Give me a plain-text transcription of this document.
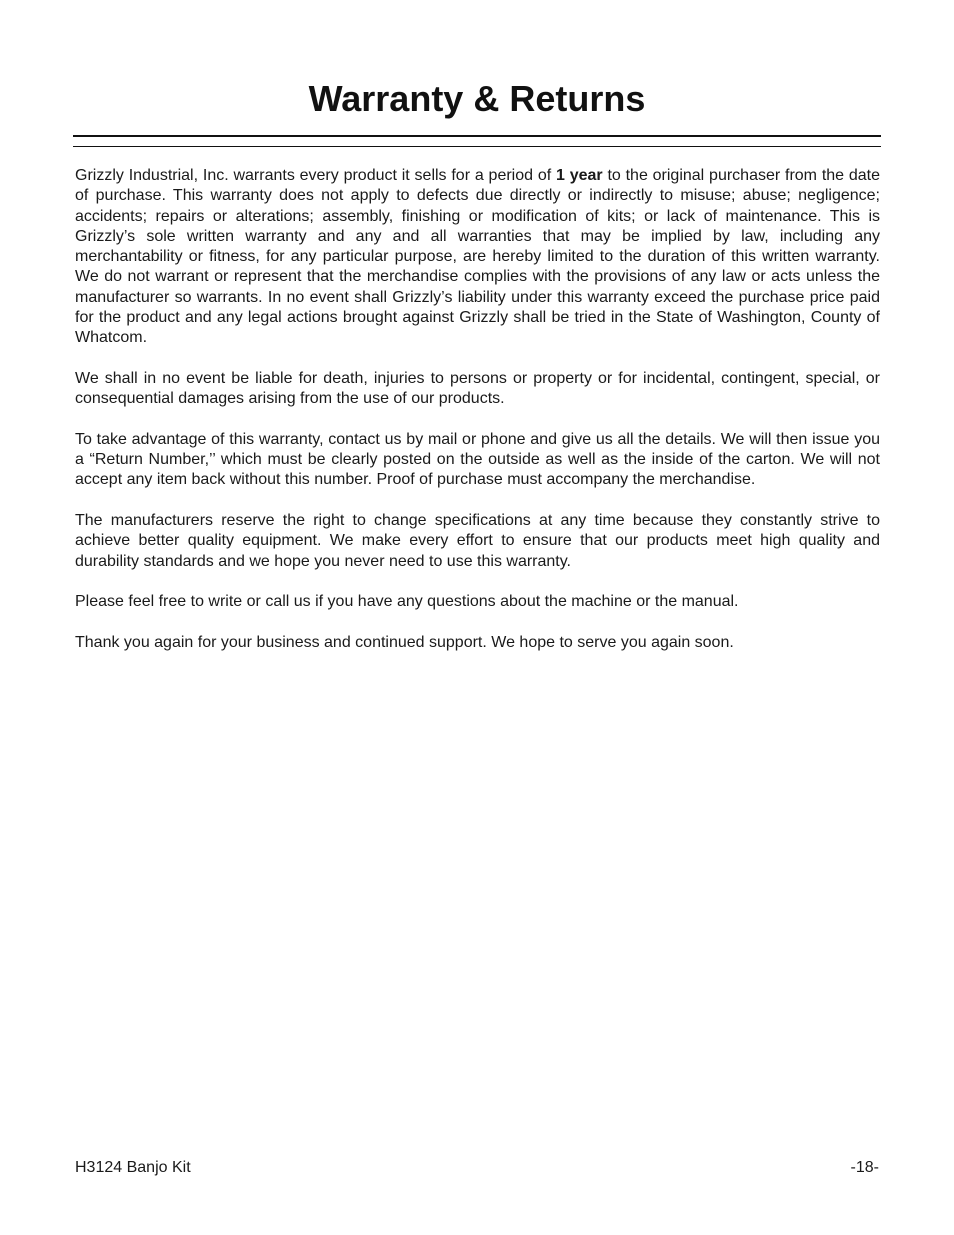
Warranty & Returns

Grizzly Industrial, Inc. warrants every product it sells for a period of 1 year to the original purchaser from the date of purchase. This warranty does not apply to defects due directly or indirectly to misuse; abuse; negligence; accidents; repairs or alterations; assembly, finishing or modification of kits; or lack of maintenance. This is Grizzly’s sole written warranty and any and all warranties that may be implied by law, including any merchantability or fitness, for any particular purpose, are hereby limited to the duration of this written warranty. We do not warrant or represent that the merchandise complies with the provisions of any law or acts unless the manufacturer so warrants. In no event shall Grizzly’s liability under this warranty exceed the purchase price paid for the product and any legal actions brought against Grizzly shall be tried in the State of Washington, County of Whatcom.

We shall in no event be liable for death, injuries to persons or property or for incidental, contingent, special, or consequential damages arising from the use of our products.

To take advantage of this warranty, contact us by mail or phone and give us all the details. We will then issue you a “Return Number,’’ which must be clearly posted on the outside as well as the inside of the carton. We will not accept any item back without this number. Proof of purchase must accompany the merchandise.

The manufacturers reserve the right to change specifications at any time because they constantly strive to achieve better quality equipment. We make every effort to ensure that our products meet high quality and durability standards and we hope you never need to use this warranty.

Please feel free to write or call us if you have any questions about the machine or the manual.

Thank you again for your business and continued support. We hope to serve you again soon.

H3124 Banjo Kit	-18-
